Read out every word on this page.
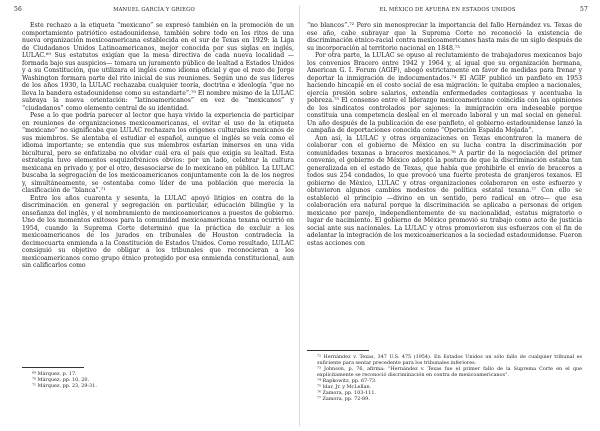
56	MANUEL GARCÍA Y GRIEGO

Este rechazo a la etiqueta “mexicano” se expresó también en la promoción de un comportamiento patriótico estadounidense, también sobre todo en los ritos de una nueva organización mexicoamericana establecida en el sur de Texas en 1929: la Liga de Ciudadanos Unidos Latinoamericanos, mejor conocida por sus siglas en inglés, LULAC.⁶⁹ Sus estatutos exigían que la mesa directiva de cada nueva localidad —formada bajo sus auspicios— tomara un juramento público de lealtad a Estados Unidos y a su Constitución, que utilizara el inglés como idioma oficial y que el rezo de Jorge Washington formara parte del rito inicial de sus reuniones. Según uno de sus líderes de los años 1930, la LULAC rechazaba cualquier teoría, doctrina e ideología “que no lleva la bandera estadounidense como su estandarte”.⁷⁰ El nombre mismo de la LULAC subraya la nueva orientación: “latinoamericanos” en vez de “mexicanos” y “ciudadanos” como elemento central de su identidad.

Pese a lo que podría parecer al lector que haya vivido la experiencia de participar en reuniones de organizaciones mexicoamericanas, el evitar el uso de la etiqueta “mexicano” no significaba que LULAC rechazara los orígenes culturales mexicanos de sus miembros. Se alentaba el estudiar el español, aunque el inglés se veía como el idioma importante; se entendía que sus miembros estarían inmersos en una vida bicultural, pero se enfatizaba no olvidar cuál era el país que exigía su lealtad. Esta estrategia tuvo elementos esquizofrénicos obvios: por un lado, celebrar la cultura mexicana en privado y, por el otro, desasociarse de lo mexicano en público. La LULAC buscaba la segregación de los mexicoamericanos conjuntamente con la de los negros y, simultáneamente, se ostentaba como líder de una población que merecía la clasificación de “blanca”.⁷¹

Entre los años cuarenta y sesenta, la LULAC apoyó litigios en contra de la discriminación en general y segregación en particular, educación bilingüe y la enseñanza del inglés, y el nombramiento de mexicoamericanos a puestos de gobierno. Uno de los momentos exitosos para la comunidad mexicoamericana texana ocurrió en 1954, cuando la Suprema Corte determinó que la práctica de excluir a los mexicoamericanos de los jurados en tribunales de Houston contradecía la decimocuarta enmienda a la Constitución de Estados Unidos. Como resultado, LULAC consiguió su objetivo de obligar a los tribunales que reconocieran a los mexicoamericanos como grupo étnico protegido por esa enmienda constitucional, aun sin calificarlos como

⁶⁹ Márquez, p. 17.
⁷⁰ Márquez, pp. 10, 20.
⁷¹ Márquez, pp. 23, 29-31.
EL MÉXICO DE AFUERA EN ESTADOS UNIDOS	57

“no blancos”.⁷² Pero sin menospreciar la importancia del fallo Hernández vs. Texas de ese año, cabe subrayar que la Suprema Corte no reconoció la existencia de discriminación étnico-racial contra mexicoamericanos hasta más de un siglo después de su incorporación al territorio nacional en 1848.⁷³

Por otra parte, la LULAC se opuso al reclutamiento de trabajadores mexicanos bajo los convenios Bracero entre 1942 y 1964 y, al igual que su organización hermana, American G. I. Forum (AGIF), abogó estrictamente en favor de medidas para frenar y deportar la inmigración de indocumentados.⁷⁴ El AGIF publicó un panfleto en 1953 haciendo hincapié en el costo social de esa migración: le quitaba empleo a nacionales, ejercía presión sobre salarios, extendía enfermedades contagiosas y acentuaba la pobreza.⁷⁵ El consenso entre el liderazgo mexicoamericano coincidía con las opiniones de los sindicatos controlados por sajones: la inmigración era indeseable porque constituía una competencia desleal en el mercado laboral y un mal social en general. Un año después de la publicación de ese panfleto, el gobierno estadounidense lanzó la campaña de deportaciones conocida como “Operación Espalda Mojada”.

Aun así, la LULAC y otras organizaciones en Texas encontraron la manera de colaborar con el gobierno de México en su lucha contra la discriminación por comunidades texanas a braceros mexicanos.⁷⁶ A partir de la negociación del primer convenio, el gobierno de México adoptó la postura de que la discriminación estaba tan generalizada en el estado de Texas, que había que prohibirle el envío de braceros a todos sus 254 condados, lo que provocó una fuerte protesta de granjeros texanos. El gobierno de México, LULAC y otras organizaciones colaboraron en este esfuerzo y obtuvieron algunos cambios modestos de política estatal texana.⁷⁷ Con ello se estableció el principio —divino en un sentido, pero radical en otro— que esa colaboración era natural porque la discriminación se aplicaba a personas de origen mexicano por parejo, independientemente de su nacionalidad, estatus migratorio o lugar de nacimiento. El gobierno de México promovió su trabajo como acto de justicia social ante sus nacionales. La LULAC y otros promovieron sus esfuerzos con el fin de adelantar la integración de los mexicoamericanos a la sociedad estadounidense. Fueron estas acciones con

⁷² Hernández v. Texas, 347 U.S. 475 (1954). En Estados Unidos un sólo fallo de cualquier tribunal es suficiente para sentar precedente para los tribunales inferiores.
⁷³ Johnson, p. 76, afirma: “Hernández v. Texas fue el primer fallo de la Suprema Corte en el que explícitamente se reconoció discriminación en contra de mexicoamericanos”.
⁷⁴ Rapkowitz, pp. 67-73.
⁷⁵ Idar, Jr. y McLellan.
⁷⁶ Zamora, pp. 103-111.
⁷⁷ Zamora, pp. 72-89.
